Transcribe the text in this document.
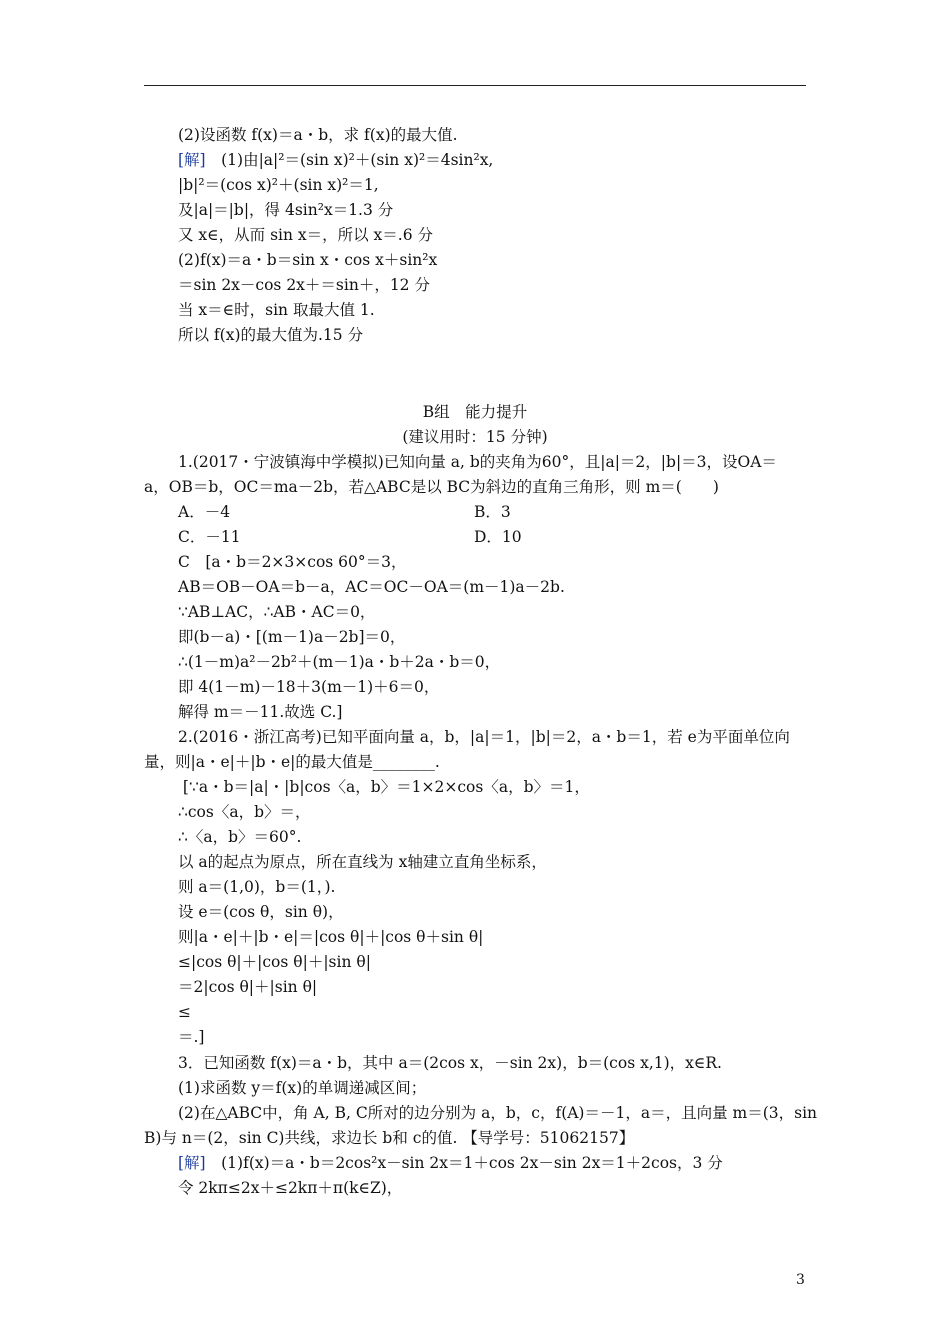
(2)设函数 f(x)＝a・b，求 f(x)的最大值.
[解]　 (1)由|a|²＝(sin x)²＋(sin x)²＝4sin²x,
|b|²＝(cos x)²＋(sin x)²＝1,
及|a|＝|b|，得 4sin²x＝1.3 分
又 x∈，从而 sin x＝，所以 x＝.6 分
(2)f(x)＝a・b＝sin x・cos x＋sin²x
＝sin 2x－cos 2x＋＝sin＋，12 分
当 x＝∈时，sin 取最大值 1.
所以 f(x)的最大值为.15 分
B组　能力提升
(建议用时：15 分钟)
1.(2017・宁波镇海中学模拟)已知向量 a, b的夹角为60°，且|a|＝2，|b|＝3，设OA＝
a，OB＝b，OC＝ma－2b，若△ABC是以 BC为斜边的直角三角形，则 m＝(　　)
A．－4	B．3
C．－11	D．10
C　[a・b＝2×3×cos 60°＝3，
AB＝OB－OA＝b－a，AC＝OC－OA＝(m－1)a－2b.
∵AB⊥AC，∴AB・AC＝0，
即(b－a)・[(m－1)a－2b]＝0，
∴(1－m)a²－2b²＋(m－1)a・b＋2a・b＝0，
即 4(1－m)－18＋3(m－1)＋6＝0，
解得 m＝－11.故选 C.]
2.(2016・浙江高考)已知平面向量 a，b，|a|＝1，|b|＝2，a・b＝1，若 e为平面单位向
量，则|a・e|＋|b・e|的最大值是________.
[∵a・b＝|a|・|b|cos〈a，b〉＝1×2×cos〈a，b〉＝1，
∴cos〈a，b〉＝，
∴〈a，b〉＝60°.
以 a的起点为原点，所在直线为 x轴建立直角坐标系，
则 a＝(1,0)，b＝(1，).
设 e＝(cos θ，sin θ)，
则|a・e|＋|b・e|＝|cos θ|＋|cos θ＋sin θ|
≤|cos θ|＋|cos θ|＋|sin θ|
＝2|cos θ|＋|sin θ|
≤
＝.]
3．已知函数 f(x)＝a・b，其中 a＝(2cos x，－sin 2x)，b＝(cos x,1)，x∈R.
(1)求函数 y＝f(x)的单调递减区间；
(2)在△ABC中，角 A, B, C所对的边分别为 a，b，c，f(A)＝－1，a＝，且向量 m＝(3，sin
B)与 n＝(2，sin C)共线，求边长 b和 c的值. 【导学号：51062157】
[解]　 (1)f(x)＝a・b＝2cos²x－sin 2x＝1＋cos 2x－sin 2x＝1＋2cos，3 分
令 2kπ≤2x＋≤2kπ＋π(k∈Z)，
3
